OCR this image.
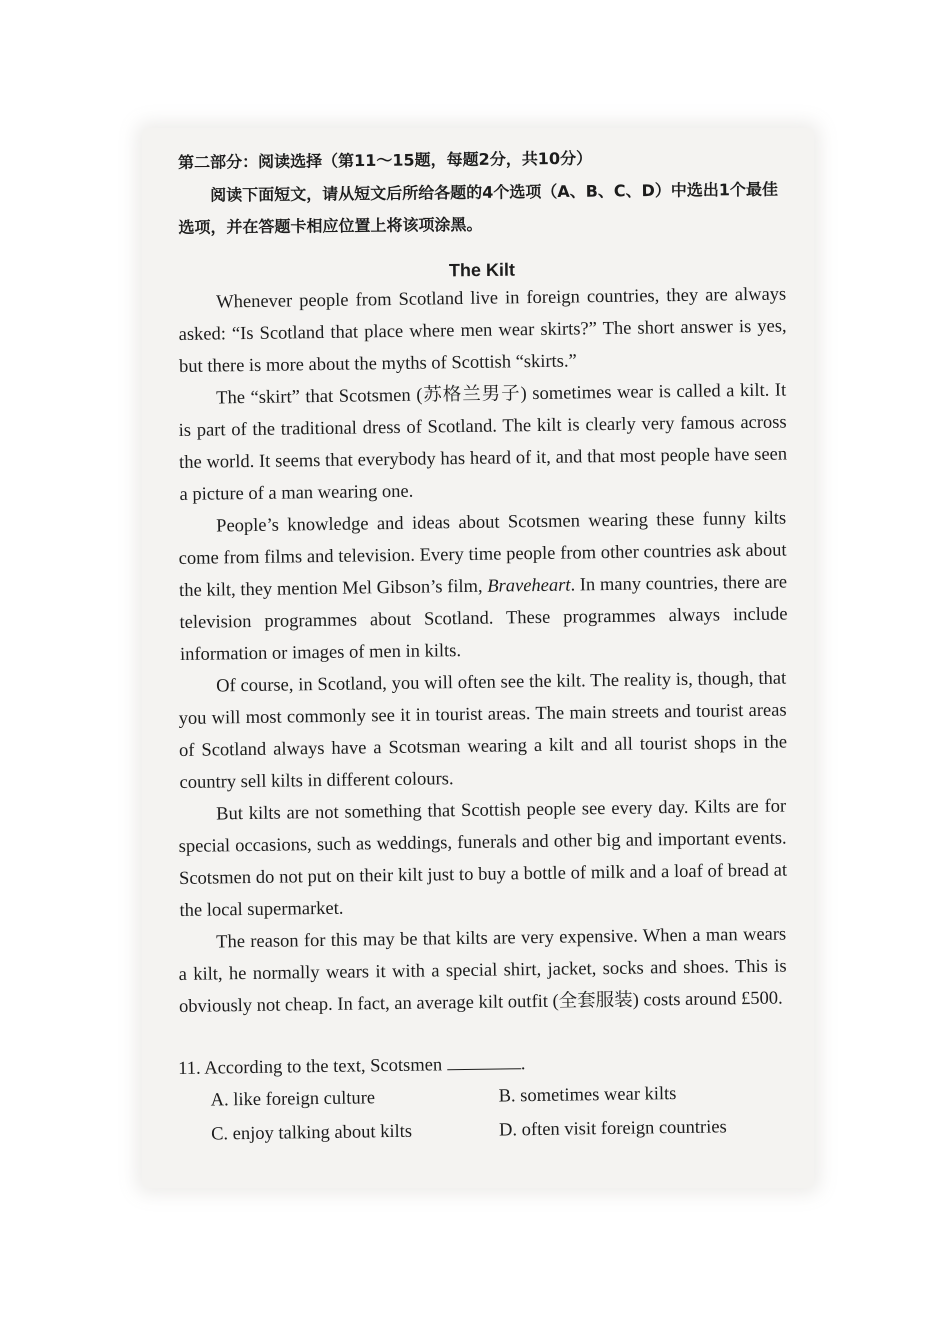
第二部分：阅读选择（第11～15题，每题2分，共10分）

阅读下面短文，请从短文后所给各题的4个选项（A、B、C、D）中选出1个最佳选项，并在答题卡相应位置上将该项涂黑。

The Kilt

Whenever people from Scotland live in foreign countries, they are always asked: “Is Scotland that place where men wear skirts?” The short answer is yes, but there is more about the myths of Scottish “skirts.”

The “skirt” that Scotsmen (苏格兰男子) sometimes wear is called a kilt. It is part of the traditional dress of Scotland. The kilt is clearly very famous across the world. It seems that everybody has heard of it, and that most people have seen a picture of a man wearing one.

People’s knowledge and ideas about Scotsmen wearing these funny kilts come from films and television. Every time people from other countries ask about the kilt, they mention Mel Gibson’s film, Braveheart. In many countries, there are television programmes about Scotland. These programmes always include information or images of men in kilts.

Of course, in Scotland, you will often see the kilt. The reality is, though, that you will most commonly see it in tourist areas. The main streets and tourist areas of Scotland always have a Scotsman wearing a kilt and all tourist shops in the country sell kilts in different colours.

But kilts are not something that Scottish people see every day. Kilts are for special occasions, such as weddings, funerals and other big and important events. Scotsmen do not put on their kilt just to buy a bottle of milk and a loaf of bread at the local supermarket.

The reason for this may be that kilts are very expensive. When a man wears a kilt, he normally wears it with a special shirt, jacket, socks and shoes. This is obviously not cheap. In fact, an average kilt outfit (全套服装) costs around £500.

11. According to the text, Scotsmen	.

A. like foreign culture	B. sometimes wear kilts
C. enjoy talking about kilts	D. often visit foreign countries
